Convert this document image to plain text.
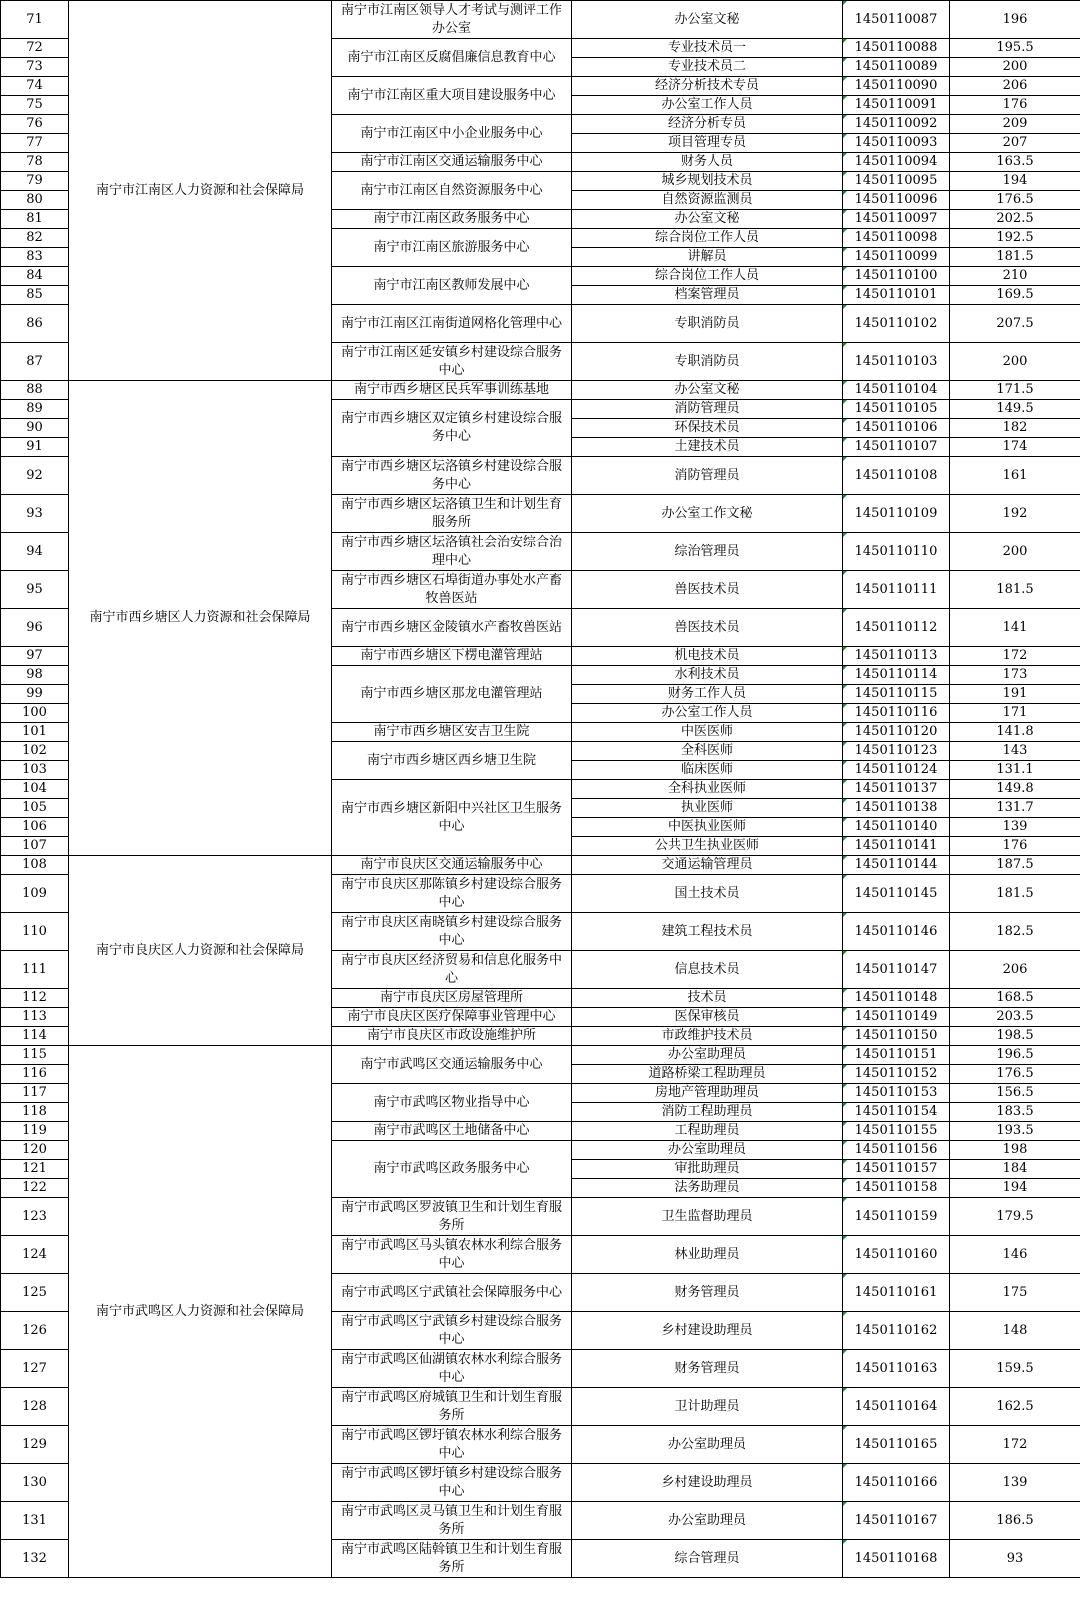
71	南宁市江南区人力资源和社会保障局	南宁市江南区领导人才考试与测评工作办公室	办公室文秘	1450110087	196
72		南宁市江南区反腐倡廉信息教育中心	专业技术员一	1450110088	195.5
73			专业技术员二	1450110089	200
74		南宁市江南区重大项目建设服务中心	经济分析技术专员	1450110090	206
75			办公室工作人员	1450110091	176
76		南宁市江南区中小企业服务中心	经济分析专员	1450110092	209
77			项目管理专员	1450110093	207
78		南宁市江南区交通运输服务中心	财务人员	1450110094	163.5
79		南宁市江南区自然资源服务中心	城乡规划技术员	1450110095	194
80			自然资源监测员	1450110096	176.5
81		南宁市江南区政务服务中心	办公室文秘	1450110097	202.5
82		南宁市江南区旅游服务中心	综合岗位工作人员	1450110098	192.5
83			讲解员	1450110099	181.5
84		南宁市江南区教师发展中心	综合岗位工作人员	1450110100	210
85			档案管理员	1450110101	169.5
86		南宁市江南区江南街道网格化管理中心	专职消防员	1450110102	207.5
87		南宁市江南区延安镇乡村建设综合服务中心	专职消防员	1450110103	200
88	南宁市西乡塘区人力资源和社会保障局	南宁市西乡塘区民兵军事训练基地	办公室文秘	1450110104	171.5
89		南宁市西乡塘区双定镇乡村建设综合服务中心	消防管理员	1450110105	149.5
90			环保技术员	1450110106	182
91			土建技术员	1450110107	174
92		南宁市西乡塘区坛洛镇乡村建设综合服务中心	消防管理员	1450110108	161
93		南宁市西乡塘区坛洛镇卫生和计划生育服务所	办公室工作文秘	1450110109	192
94		南宁市西乡塘区坛洛镇社会治安综合治理中心	综治管理员	1450110110	200
95		南宁市西乡塘区石埠街道办事处水产畜牧兽医站	兽医技术员	1450110111	181.5
96		南宁市西乡塘区金陵镇水产畜牧兽医站	兽医技术员	1450110112	141
97		南宁市西乡塘区下楞电灌管理站	机电技术员	1450110113	172
98		南宁市西乡塘区那龙电灌管理站	水利技术员	1450110114	173
99			财务工作人员	1450110115	191
100			办公室工作人员	1450110116	171
101		南宁市西乡塘区安吉卫生院	中医医师	1450110120	141.8
102		南宁市西乡塘区西乡塘卫生院	全科医师	1450110123	143
103			临床医师	1450110124	131.1
104		南宁市西乡塘区新阳中兴社区卫生服务中心	全科执业医师	1450110137	149.8
105			执业医师	1450110138	131.7
106			中医执业医师	1450110140	139
107			公共卫生执业医师	1450110141	176
108	南宁市良庆区人力资源和社会保障局	南宁市良庆区交通运输服务中心	交通运输管理员	1450110144	187.5
109		南宁市良庆区那陈镇乡村建设综合服务中心	国土技术员	1450110145	181.5
110		南宁市良庆区南晓镇乡村建设综合服务中心	建筑工程技术员	1450110146	182.5
111		南宁市良庆区经济贸易和信息化服务中心	信息技术员	1450110147	206
112		南宁市良庆区房屋管理所	技术员	1450110148	168.5
113		南宁市良庆区医疗保障事业管理中心	医保审核员	1450110149	203.5
114		南宁市良庆区市政设施维护所	市政维护技术员	1450110150	198.5
115	南宁市武鸣区人力资源和社会保障局	南宁市武鸣区交通运输服务中心	办公室助理员	1450110151	196.5
116			道路桥梁工程助理员	1450110152	176.5
117		南宁市武鸣区物业指导中心	房地产管理助理员	1450110153	156.5
118			消防工程助理员	1450110154	183.5
119		南宁市武鸣区土地储备中心	工程助理员	1450110155	193.5
120		南宁市武鸣区政务服务中心	办公室助理员	1450110156	198
121			审批助理员	1450110157	184
122			法务助理员	1450110158	194
123		南宁市武鸣区罗波镇卫生和计划生育服务所	卫生监督助理员	1450110159	179.5
124		南宁市武鸣区马头镇农林水利综合服务中心	林业助理员	1450110160	146
125		南宁市武鸣区宁武镇社会保障服务中心	财务管理员	1450110161	175
126		南宁市武鸣区宁武镇乡村建设综合服务中心	乡村建设助理员	1450110162	148
127		南宁市武鸣区仙湖镇农林水利综合服务中心	财务管理员	1450110163	159.5
128		南宁市武鸣区府城镇卫生和计划生育服务所	卫计助理员	1450110164	162.5
129		南宁市武鸣区锣圩镇农林水利综合服务中心	办公室助理员	1450110165	172
130		南宁市武鸣区锣圩镇乡村建设综合服务中心	乡村建设助理员	1450110166	139
131		南宁市武鸣区灵马镇卫生和计划生育服务所	办公室助理员	1450110167	186.5
132		南宁市武鸣区陆斡镇卫生和计划生育服务所	综合管理员	1450110168	93
